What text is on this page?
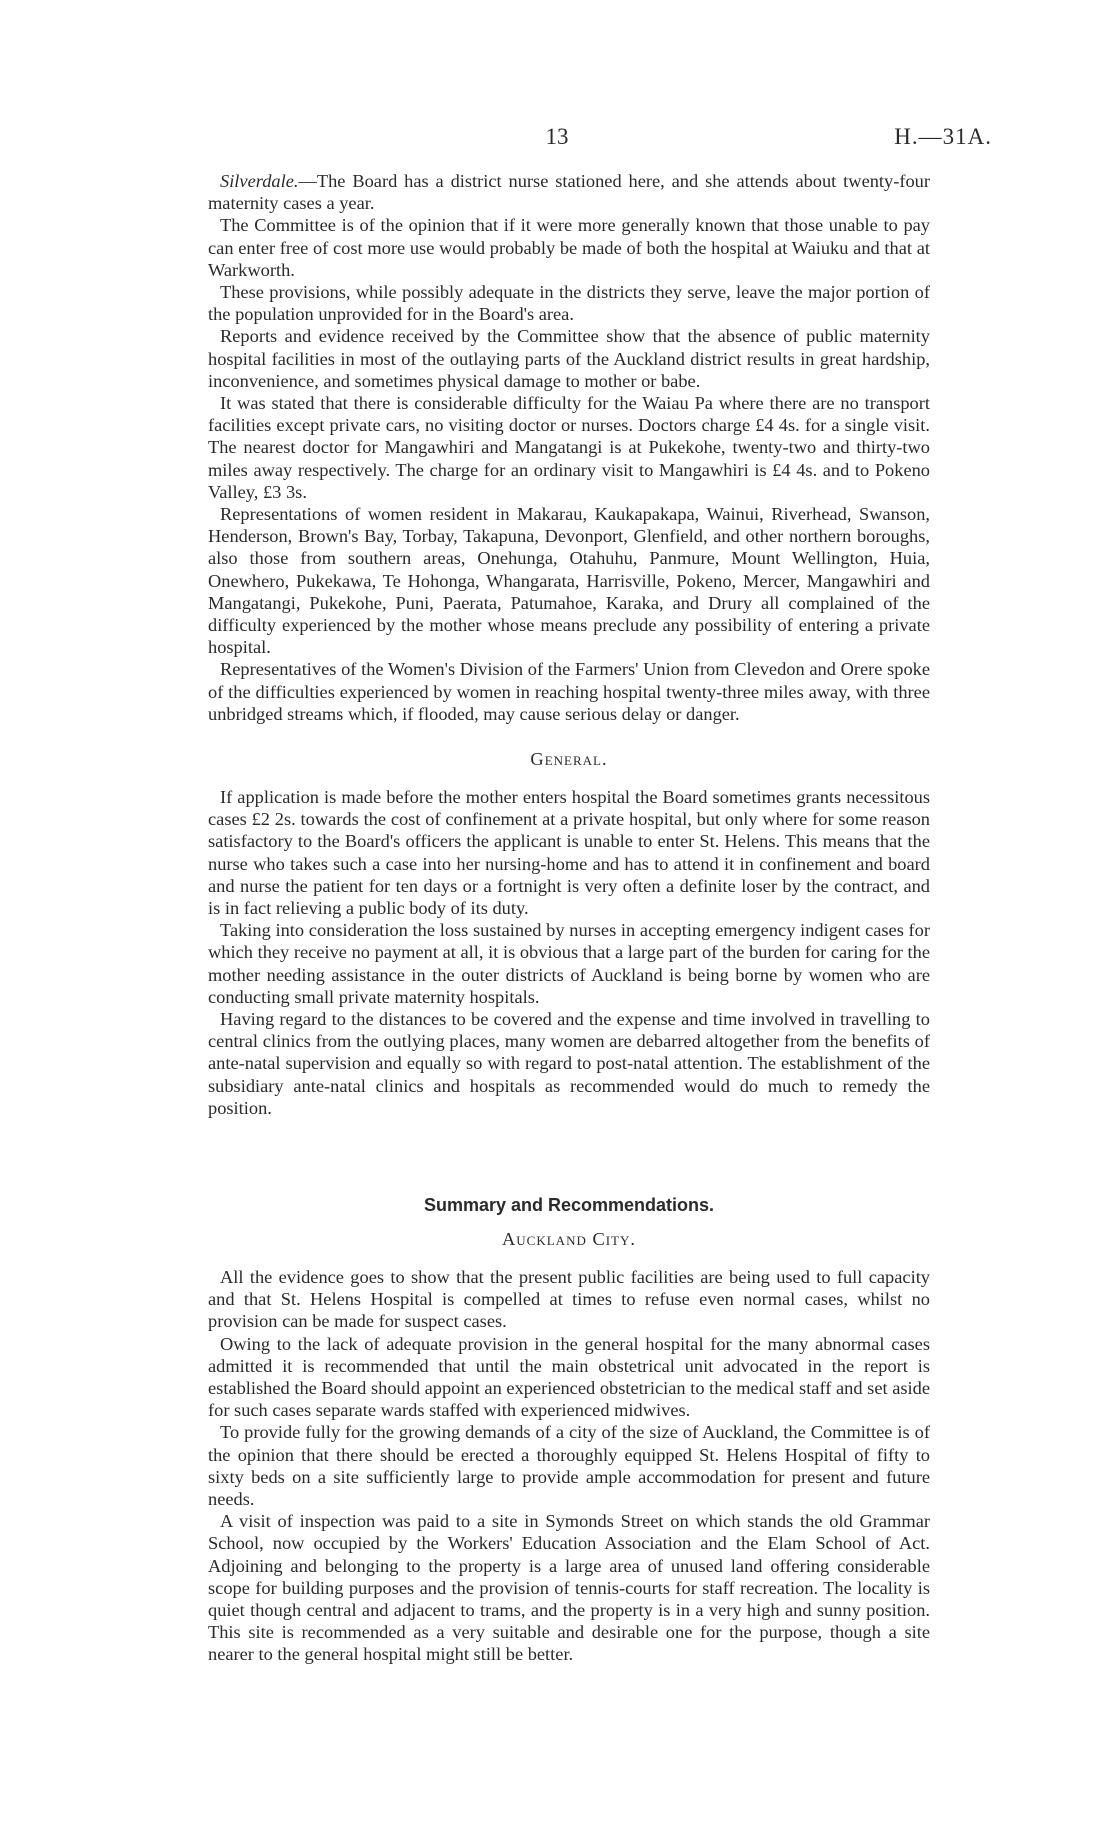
13	H.—31A.

Silverdale.—The Board has a district nurse stationed here, and she attends about twenty-four maternity cases a year.

The Committee is of the opinion that if it were more generally known that those unable to pay can enter free of cost more use would probably be made of both the hospital at Waiuku and that at Warkworth.

These provisions, while possibly adequate in the districts they serve, leave the major portion of the population unprovided for in the Board's area.

Reports and evidence received by the Committee show that the absence of public maternity hospital facilities in most of the outlaying parts of the Auckland district results in great hardship, inconvenience, and sometimes physical damage to mother or babe.

It was stated that there is considerable difficulty for the Waiau Pa where there are no transport facilities except private cars, no visiting doctor or nurses. Doctors charge £4 4s. for a single visit. The nearest doctor for Mangawhiri and Mangatangi is at Pukekohe, twenty-two and thirty-two miles away respectively. The charge for an ordinary visit to Mangawhiri is £4 4s. and to Pokeno Valley, £3 3s.

Representations of women resident in Makarau, Kaukapakapa, Wainui, Riverhead, Swanson, Henderson, Brown's Bay, Torbay, Takapuna, Devonport, Glenfield, and other northern boroughs, also those from southern areas, Onehunga, Otahuhu, Panmure, Mount Wellington, Huia, Onewhero, Pukekawa, Te Hohonga, Whangarata, Harrisville, Pokeno, Mercer, Mangawhiri and Mangatangi, Pukekohe, Puni, Paerata, Patumahoe, Karaka, and Drury all complained of the difficulty experienced by the mother whose means preclude any possibility of entering a private hospital.

Representatives of the Women's Division of the Farmers' Union from Clevedon and Orere spoke of the difficulties experienced by women in reaching hospital twenty-three miles away, with three unbridged streams which, if flooded, may cause serious delay or danger.

General.

If application is made before the mother enters hospital the Board sometimes grants necessitous cases £2 2s. towards the cost of confinement at a private hospital, but only where for some reason satisfactory to the Board's officers the applicant is unable to enter St. Helens. This means that the nurse who takes such a case into her nursing-home and has to attend it in confinement and board and nurse the patient for ten days or a fortnight is very often a definite loser by the contract, and is in fact relieving a public body of its duty.

Taking into consideration the loss sustained by nurses in accepting emergency indigent cases for which they receive no payment at all, it is obvious that a large part of the burden for caring for the mother needing assistance in the outer districts of Auckland is being borne by women who are conducting small private maternity hospitals.

Having regard to the distances to be covered and the expense and time involved in travelling to central clinics from the outlying places, many women are debarred altogether from the benefits of ante-natal supervision and equally so with regard to post-natal attention. The establishment of the subsidiary ante-natal clinics and hospitals as recommended would do much to remedy the position.

Summary and Recommendations.
Auckland City.

All the evidence goes to show that the present public facilities are being used to full capacity and that St. Helens Hospital is compelled at times to refuse even normal cases, whilst no provision can be made for suspect cases.

Owing to the lack of adequate provision in the general hospital for the many abnormal cases admitted it is recommended that until the main obstetrical unit advocated in the report is established the Board should appoint an experienced obstetrician to the medical staff and set aside for such cases separate wards staffed with experienced midwives.

To provide fully for the growing demands of a city of the size of Auckland, the Committee is of the opinion that there should be erected a thoroughly equipped St. Helens Hospital of fifty to sixty beds on a site sufficiently large to provide ample accommodation for present and future needs.

A visit of inspection was paid to a site in Symonds Street on which stands the old Grammar School, now occupied by the Workers' Education Association and the Elam School of Act. Adjoining and belonging to the property is a large area of unused land offering considerable scope for building purposes and the provision of tennis-courts for staff recreation. The locality is quiet though central and adjacent to trams, and the property is in a very high and sunny position. This site is recommended as a very suitable and desirable one for the purpose, though a site nearer to the general hospital might still be better.
